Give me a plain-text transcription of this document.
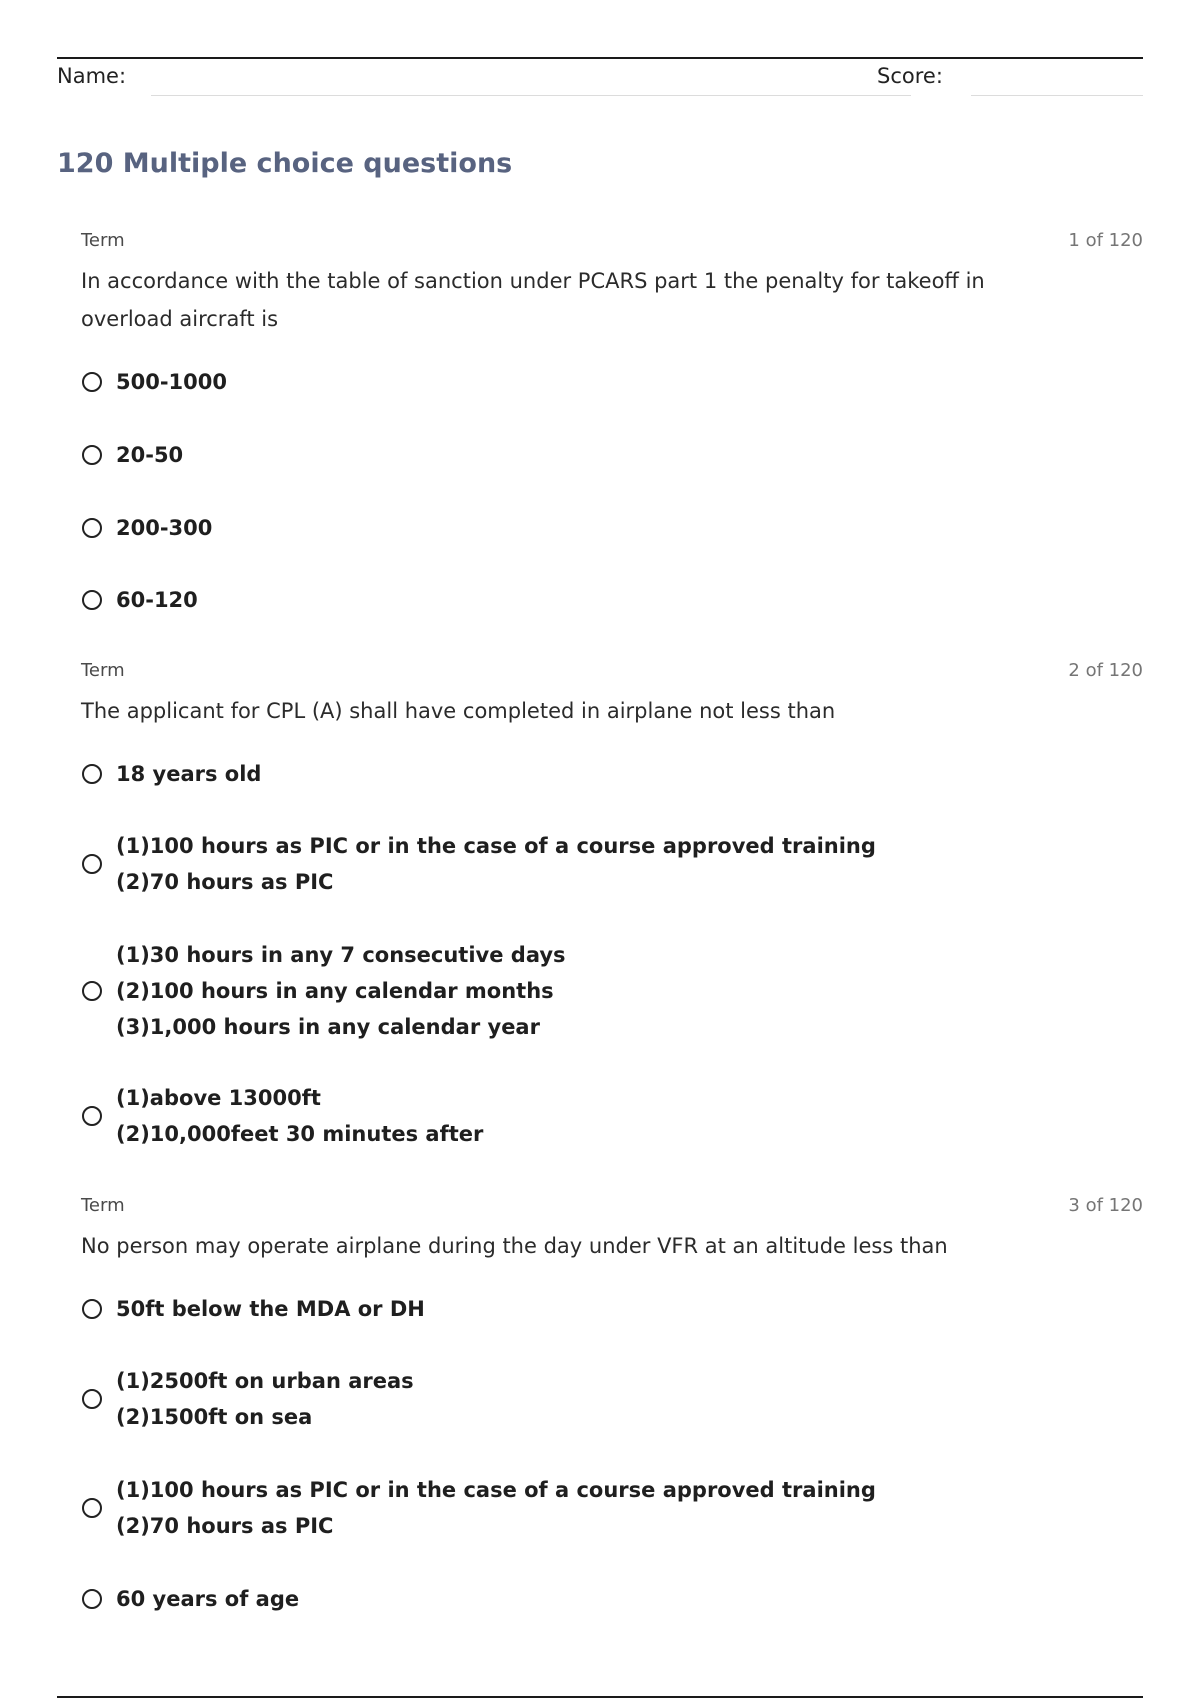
Name:	Score:
120 Multiple choice questions
Term	1 of 120
In accordance with the table of sanction under PCARS part 1 the penalty for takeoff in
overload aircraft is
500-1000
20-50
200-300
60-120
Term	2 of 120
The applicant for CPL (A) shall have completed in airplane not less than
18 years old
(1)100 hours as PIC or in the case of a course approved training
(2)70 hours as PIC
(1)30 hours in any 7 consecutive days
(2)100 hours in any calendar months
(3)1,000 hours in any calendar year
(1)above 13000ft
(2)10,000feet 30 minutes after
Term	3 of 120
No person may operate airplane during the day under VFR at an altitude less than
50ft below the MDA or DH
(1)2500ft on urban areas
(2)1500ft on sea
(1)100 hours as PIC or in the case of a course approved training
(2)70 hours as PIC
60 years of age
